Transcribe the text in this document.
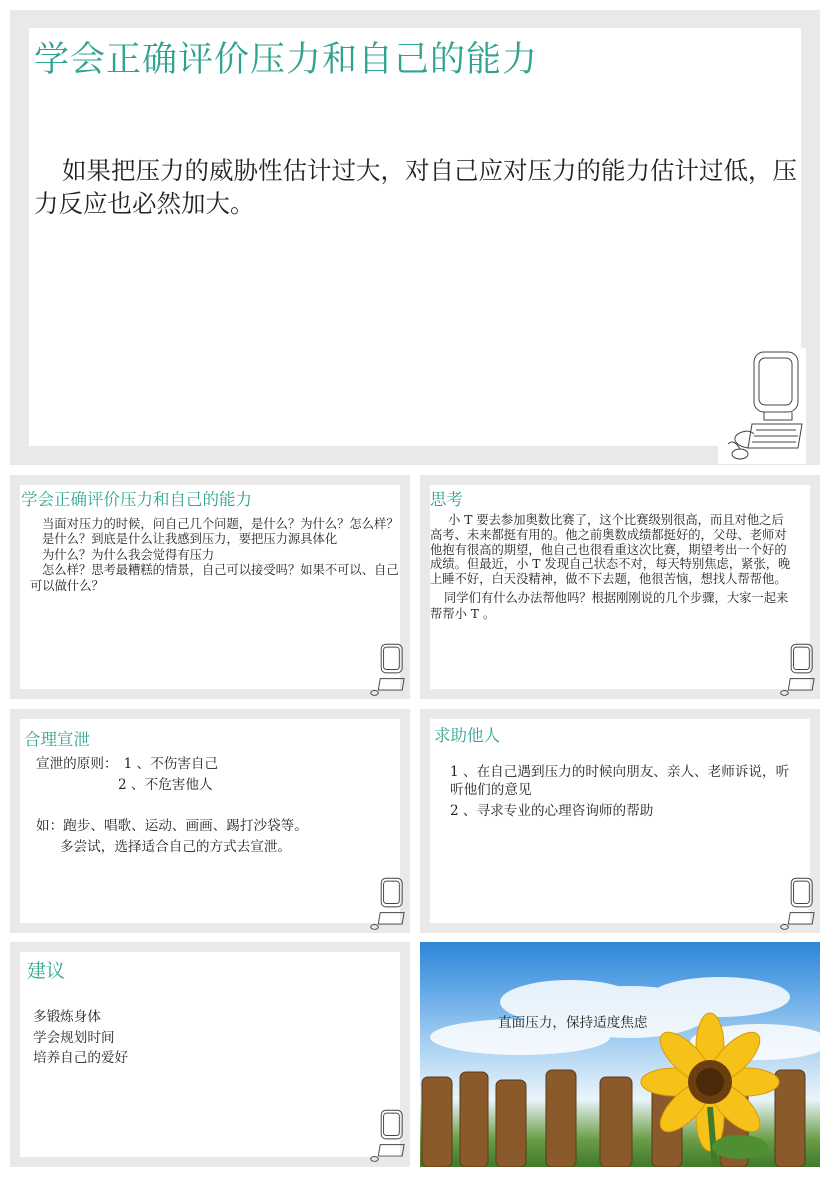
学会正确评价压力和自己的能力
如果把压力的威胁性估计过大，对自己应对压力的能力估计过低，压力反应也必然加大。
学会正确评价压力和自己的能力

当面对压力的时候，问自己几个问题，是什么？为什么？怎么样？

是什么？到底是什么让我感到压力，要把压力源具体化

为什么？为什么我会觉得有压力

怎么样？思考最糟糕的情景，自己可以接受吗？如果不可以、自己可以做什么？

思考

小 T 要去参加奥数比赛了，这个比赛级别很高，而且对他之后高考、未来都挺有用的。他之前奥数成绩都挺好的，父母、老师对他抱有很高的期望，他自己也很看重这次比赛，期望考出一个好的成绩。但最近，小 T 发现自己状态不对，每天特别焦虑，紧张，晚上睡不好，白天没精神，做不下去题，他很苦恼，想找人帮帮他。

同学们有什么办法帮他吗？根据刚刚说的几个步骤，大家一起来帮帮小 T 。

合理宣泄

宣泄的原则： 1 、不伤害自己

2 、不危害他人

如：跑步、唱歌、运动、画画、踢打沙袋等。

多尝试，选择适合自己的方式去宣泄。

求助他人

1 、在自己遇到压力的时候向朋友、亲人、老师诉说，听听他们的意见

2 、寻求专业的心理咨询师的帮助

建议

多锻炼身体

学会规划时间

培养自己的爱好

直面压力，保持适度焦虑
